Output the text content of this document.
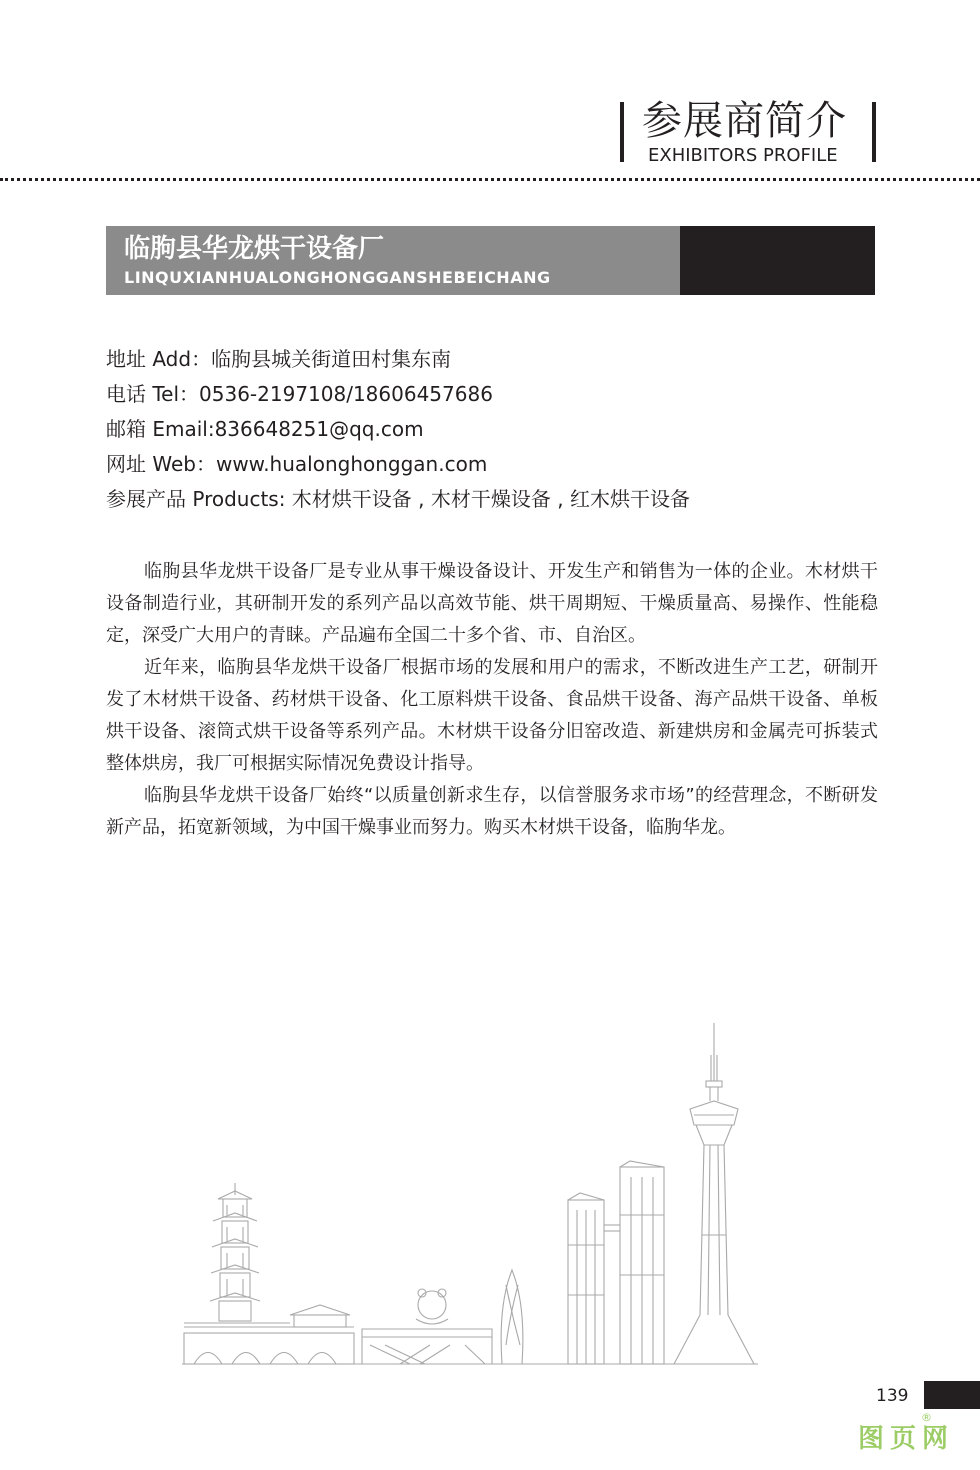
参展商简介
EXHIBITORS PROFILE
临朐县华龙烘干设备厂
LINQUXIANHUALONGHONGGANSHEBEICHANG
地址 Add：临朐县城关街道田村集东南
电话 Tel：0536-2197108/18606457686
邮箱 Email:836648251@qq.com
网址 Web：www.hualonghonggan.com
参展产品 Products: 木材烘干设备 , 木材干燥设备 , 红木烘干设备

临朐县华龙烘干设备厂是专业从事干燥设备设计、开发生产和销售为一体的企业。木材烘干设备制造行业，其研制开发的系列产品以高效节能、烘干周期短、干燥质量高、易操作、性能稳定，深受广大用户的青睐。产品遍布全国二十多个省、市、自治区。

近年来，临朐县华龙烘干设备厂根据市场的发展和用户的需求，不断改进生产工艺，研制开发了木材烘干设备、药材烘干设备、化工原料烘干设备、食品烘干设备、海产品烘干设备、单板烘干设备、滚筒式烘干设备等系列产品。木材烘干设备分旧窑改造、新建烘房和金属壳可拆装式整体烘房，我厂可根据实际情况免费设计指导。

临朐县华龙烘干设备厂始终“以质量创新求生存，以信誉服务求市场”的经营理念，不断研发新产品，拓宽新领域，为中国干燥事业而努力。购买木材烘干设备，临朐华龙。

139
®
图页网
